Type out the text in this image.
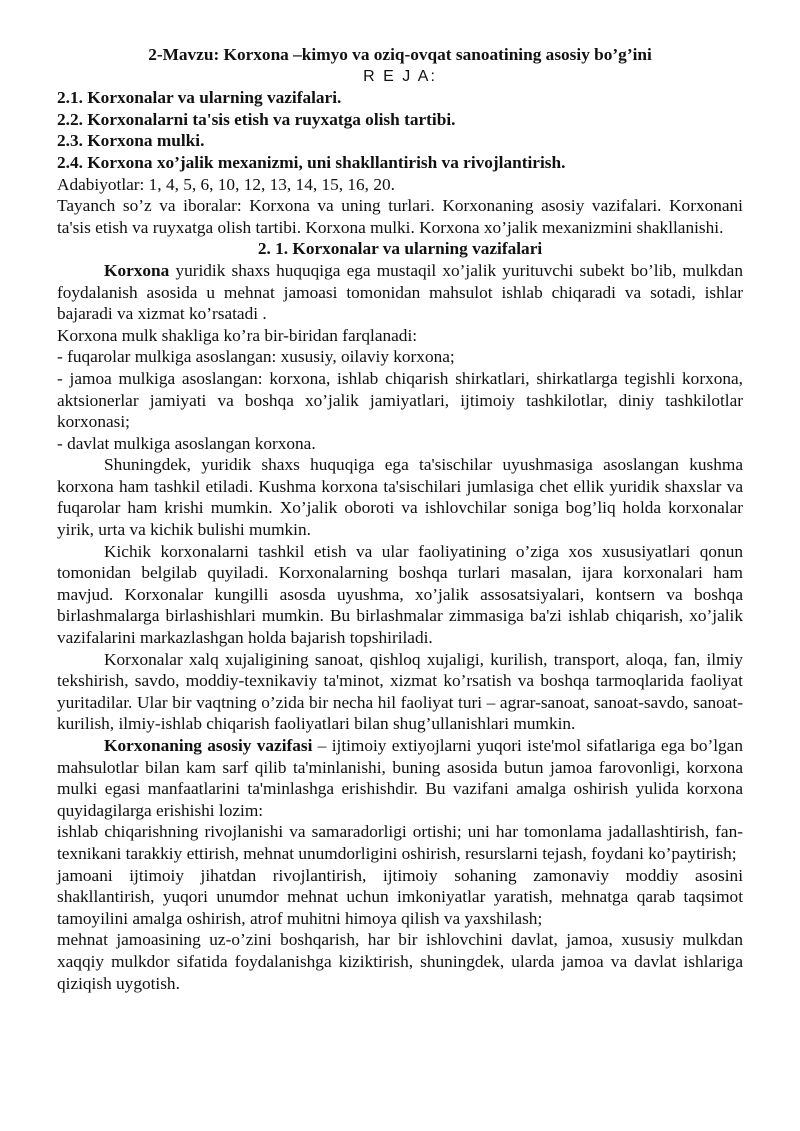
2-Mavzu: Korxona –kimyo va oziq-ovqat sanoatining asosiy bo’g’ini

R E J A:

2.1. Korxonalar va ularning vazifalari.

2.2. Korxonalarni ta'sis etish va ruyxatga olish tartibi.

2.3. Korxona mulki.

2.4. Korxona xo’jalik mexanizmi, uni shakllantirish va rivojlantirish.

Adabiyotlar: 1, 4, 5, 6, 10, 12, 13, 14, 15, 16, 20.

Tayanch so’z va iboralar: Korxona va uning turlari. Korxonaning asosiy vazifalari. Korxonani ta'sis etish va ruyxatga olish tartibi. Korxona mulki. Korxona xo’jalik mexanizmini shakllanishi.

2. 1. Korxonalar va ularning vazifalari

Korxona yuridik shaxs huquqiga ega mustaqil xo’jalik yurituvchi subekt bo’lib, mulkdan foydalanish asosida u mehnat jamoasi tomonidan mahsulot ishlab chiqaradi va sotadi, ishlar bajaradi va xizmat ko’rsatadi .

Korxona mulk shakliga ko’ra bir-biridan farqlanadi:

- fuqarolar mulkiga asoslangan: xususiy, oilaviy korxona;

- jamoa mulkiga asoslangan: korxona, ishlab chiqarish shirkatlari, shirkatlarga tegishli korxona, aktsionerlar jamiyati va boshqa xo’jalik jamiyatlari, ijtimoiy tashkilotlar, diniy tashkilotlar korxonasi;

- davlat mulkiga asoslangan korxona.

Shuningdek, yuridik shaxs huquqiga ega ta'sischilar uyushmasiga asoslangan kushma korxona ham tashkil etiladi. Kushma korxona ta'sischilari jumlasiga chet ellik yuridik shaxslar va fuqarolar ham krishi mumkin. Xo’jalik oboroti va ishlovchilar soniga bog’liq holda korxonalar yirik, urta va kichik bulishi mumkin.

Kichik korxonalarni tashkil etish va ular faoliyatining o’ziga xos xususiyatlari qonun tomonidan belgilab quyiladi. Korxonalarning boshqa turlari masalan, ijara korxonalari ham mavjud. Korxonalar kungilli asosda uyushma, xo’jalik assosatsiyalari, kontsern va boshqa birlashmalarga birlashishlari mumkin. Bu birlashmalar zimmasiga ba'zi ishlab chiqarish, xo’jalik vazifalarini markazlashgan holda bajarish topshiriladi.

Korxonalar xalq xujaligining sanoat, qishloq xujaligi, kurilish, transport, aloqa, fan, ilmiy tekshirish, savdo, moddiy-texnikaviy ta'minot, xizmat ko’rsatish va boshqa tarmoqlarida faoliyat yuritadilar. Ular bir vaqtning o’zida bir necha hil faoliyat turi – agrar-sanoat, sanoat-savdo, sanoat-kurilish, ilmiy-ishlab chiqarish faoliyatlari bilan shug’ullanishlari mumkin.

Korxonaning asosiy vazifasi – ijtimoiy extiyojlarni yuqori iste'mol sifatlariga ega bo’lgan mahsulotlar bilan kam sarf qilib ta'minlanishi, buning asosida butun jamoa farovonligi, korxona mulki egasi manfaatlarini ta'minlashga erishishdir. Bu vazifani amalga oshirish yulida korxona quyidagilarga erishishi lozim:

ishlab chiqarishning rivojlanishi va samaradorligi ortishi; uni har tomonlama jadallashtirish, fan-texnikani tarakkiy ettirish, mehnat unumdorligini oshirish, resurslarni tejash, foydani ko’paytirish;

jamoani ijtimoiy jihatdan rivojlantirish, ijtimoiy sohaning zamonaviy moddiy asosini shakllantirish, yuqori unumdor mehnat uchun imkoniyatlar yaratish, mehnatga qarab taqsimot tamoyilini amalga oshirish, atrof muhitni himoya qilish va yaxshilash;

mehnat jamoasining uz-o’zini boshqarish, har bir ishlovchini davlat, jamoa, xususiy mulkdan xaqqiy mulkdor sifatida foydalanishga kiziktirish, shuningdek, ularda jamoa va davlat ishlariga qiziqish uygotish.
